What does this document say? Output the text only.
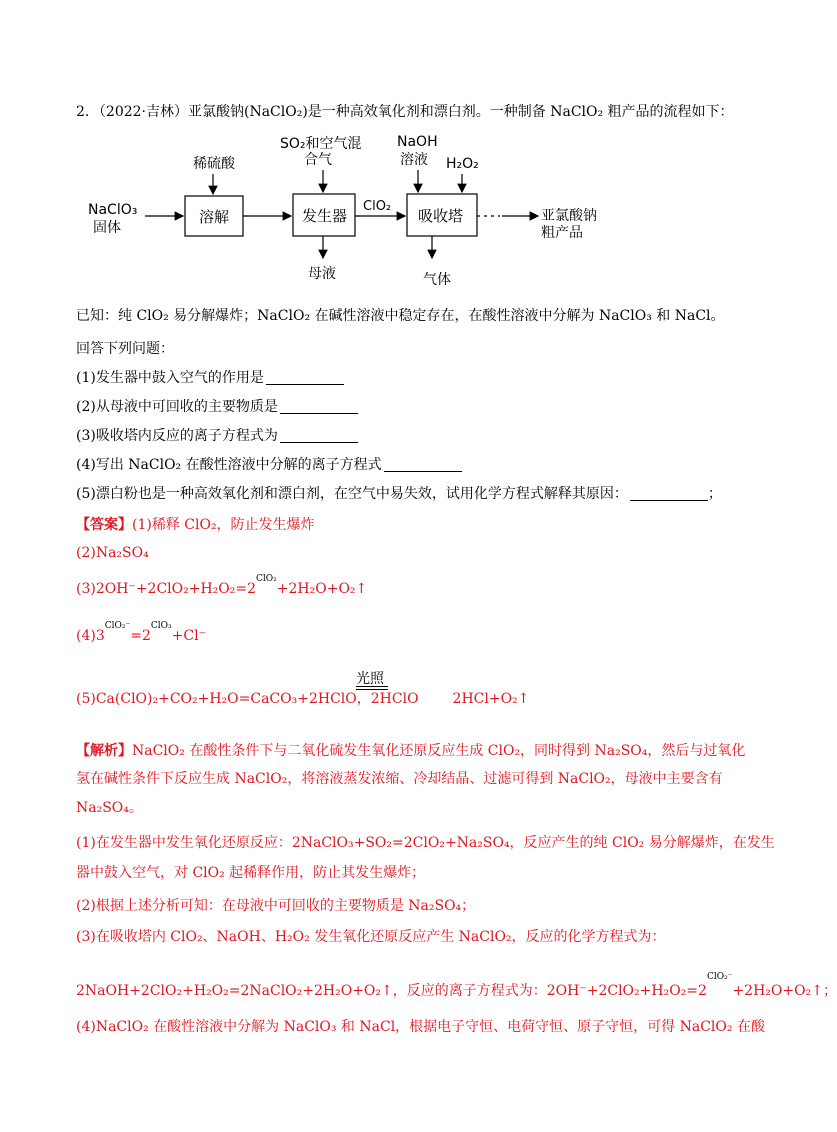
2．（2022·吉林）亚氯酸钠(NaClO₂)是一种高效氧化剂和漂白剂。一种制备 NaClO₂ 粗产品的流程如下：
NaClO₃
固体
稀硫酸
溶解
SO₂和空气混
合气
发生器
母液
ClO₂
NaOH
溶液 H₂O₂
吸收塔
气体
亚氯酸钠
粗产品
已知：纯 ClO₂ 易分解爆炸；NaClO₂ 在碱性溶液中稳定存在，在酸性溶液中分解为 NaClO₃ 和 NaCl。
回答下列问题：
(1)发生器中鼓入空气的作用是
(2)从母液中可回收的主要物质是
(3)吸收塔内反应的离子方程式为
(4)写出 NaClO₂ 在酸性溶液中分解的离子方程式
(5)漂白粉也是一种高效氧化剂和漂白剂，在空气中易失效，试用化学方程式解释其原因：	；
【答案】(1)稀释 ClO₂，防止发生爆炸
(2)Na₂SO₄
$(3)2OH^-+2ClO_2+H_2O_2=2^{ClO_2}+2H_2O+O_2↑$
$(4)3^{ClO_2^-}=2^{ClO_3}+Cl^-$
光照
(5)Ca(ClO)₂+CO₂+H₂O=CaCO₃+2HClO，2HClO 2HCl+O₂↑
【解析】NaClO₂ 在酸性条件下与二氧化硫发生氧化还原反应生成 ClO₂，同时得到 Na₂SO₄，然后与过氧化
氢在碱性条件下反应生成 NaClO₂，将溶液蒸发浓缩、冷却结晶、过滤可得到 NaClO₂，母液中主要含有
Na₂SO₄。
(1)在发生器中发生氧化还原反应：2NaClO₃+SO₂=2ClO₂+Na₂SO₄，反应产生的纯 ClO₂ 易分解爆炸，在发生
器中鼓入空气，对 ClO₂ 起稀释作用，防止其发生爆炸；
(2)根据上述分析可知：在母液中可回收的主要物质是 Na₂SO₄；
(3)在吸收塔内 ClO₂、NaOH、H₂O₂ 发生氧化还原反应产生 NaClO₂，反应的化学方程式为：
2NaOH+2ClO₂+H₂O₂=2NaClO₂+2H₂O+O₂↑，反应的离子方程式为：$2OH^-+2ClO_2+H_2O_2=2^{ClO_2^-}+2H_2O+O_2↑$；
(4)NaClO₂ 在酸性溶液中分解为 NaClO₃ 和 NaCl，根据电子守恒、电荷守恒、原子守恒，可得 NaClO₂ 在酸
